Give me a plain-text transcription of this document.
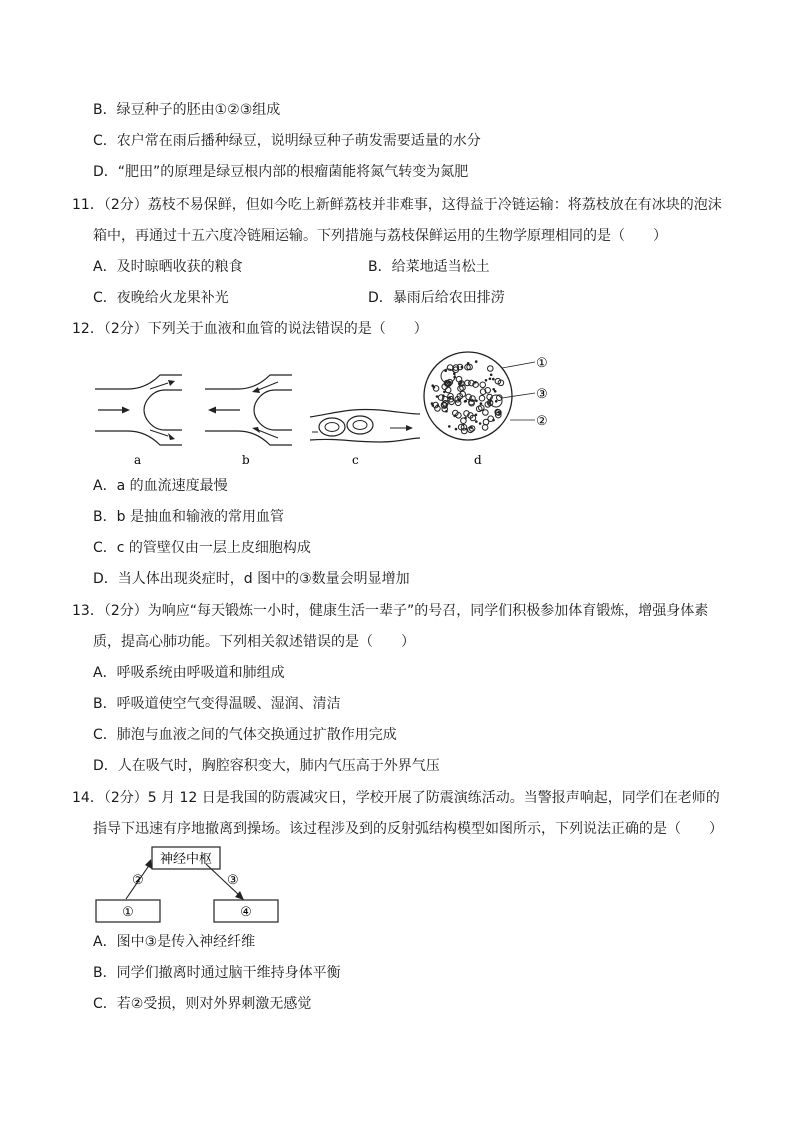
B．绿豆种子的胚由①②③组成
C．农户常在雨后播种绿豆，说明绿豆种子萌发需要适量的水分
D．“肥田”的原理是绿豆根内部的根瘤菌能将氮气转变为氮肥
11．（2分）荔枝不易保鲜，但如今吃上新鲜荔枝并非难事，这得益于冷链运输：将荔枝放在有冰块的泡沫
箱中，再通过十五六度冷链厢运输。下列措施与荔枝保鲜运用的生物学原理相同的是（　　）
A．及时晾晒收获的粮食	B．给菜地适当松土
C．夜晚给火龙果补光	D．暴雨后给农田排涝
12．（2分）下列关于血液和血管的说法错误的是（　　）
a	b	c
①
③
②
d
A．a 的血流速度最慢
B．b 是抽血和输液的常用血管
C．c 的管壁仅由一层上皮细胞构成
D．当人体出现炎症时，d 图中的③数量会明显增加
13．（2分）为响应“每天锻炼一小时，健康生活一辈子”的号召，同学们积极参加体育锻炼，增强身体素
质，提高心肺功能。下列相关叙述错误的是（　　）
A．呼吸系统由呼吸道和肺组成
B．呼吸道使空气变得温暖、湿润、清洁
C．肺泡与血液之间的气体交换通过扩散作用完成
D．人在吸气时，胸腔容积变大，肺内气压高于外界气压
14．（2分）5 月 12 日是我国的防震减灾日，学校开展了防震演练活动。当警报声响起，同学们在老师的
指导下迅速有序地撤离到操场。该过程涉及到的反射弧结构模型如图所示，下列说法正确的是（　　）
神经中枢
②	③
①	④
A．图中③是传入神经纤维
B．同学们撤离时通过脑干维持身体平衡
C．若②受损，则对外界刺激无感觉
